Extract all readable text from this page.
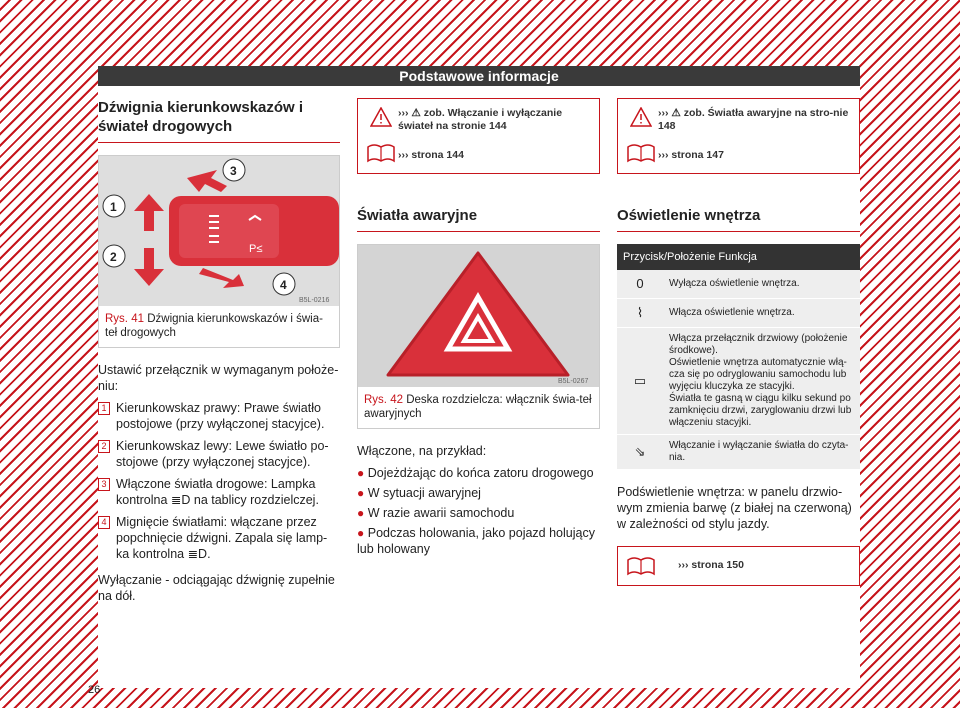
Podstawowe informacje
Dźwignia kierunkowskazów i świateł drogowych
P≤
1
2
3
4
B5L-0216
Rys. 41 Dźwignia kierunkowskazów i świa-teł drogowych

Ustawić przełącznik w wymaganym położe-niu:

1 Kierunkowskaz prawy: Prawe światło postojowe (przy wyłączonej stacyjce).
2 Kierunkowskaz lewy: Lewe światło po-stojowe (przy wyłączonej stacyjce).
3 Włączone światła drogowe: Lampka kontrolna ≣D na tablicy rozdzielczej.
4 Mignięcie światłami: włączane przez popchnięcie dźwigni. Zapala się lamp-ka kontrolna ≣D.

Wyłączanie - odciągając dźwignię zupełnie na dół.

››› ⚠ zob. Włączanie i wyłączanie świateł na stronie 144
››› strona 144
Światła awaryjne
B5L-0267
Rys. 42 Deska rozdzielcza: włącznik świa-teł awaryjnych

Włączone, na przykład:

● Dojeżdżając do końca zatoru drogowego
● W sytuacji awaryjnej
● W razie awarii samochodu
● Podczas holowania, jako pojazd holujący lub holowany
››› ⚠ zob. Światła awaryjne na stro-nie 148
››› strona 147
Oświetlenie wnętrza
Przycisk/Położenie Funkcja	
0	Wyłącza oświetlenie wnętrza.
⌇	Włącza oświetlenie wnętrza.
▭	Włącza przełącznik drzwiowy (położenie środkowe).
Oświetlenie wnętrza automatycznie włą-cza się po odryglowaniu samochodu lub wyjęciu kluczyka ze stacyjki.
Światła te gasną w ciągu kilku sekund po zamknięciu drzwi, zaryglowaniu drzwi lub włączeniu stacyjki.
⇘	Włączanie i wyłączanie światła do czyta-nia.

Podświetlenie wnętrza: w panelu drzwio-wym zmienia barwę (z białej na czerwoną) w zależności od stylu jazdy.

››› strona 150
26
